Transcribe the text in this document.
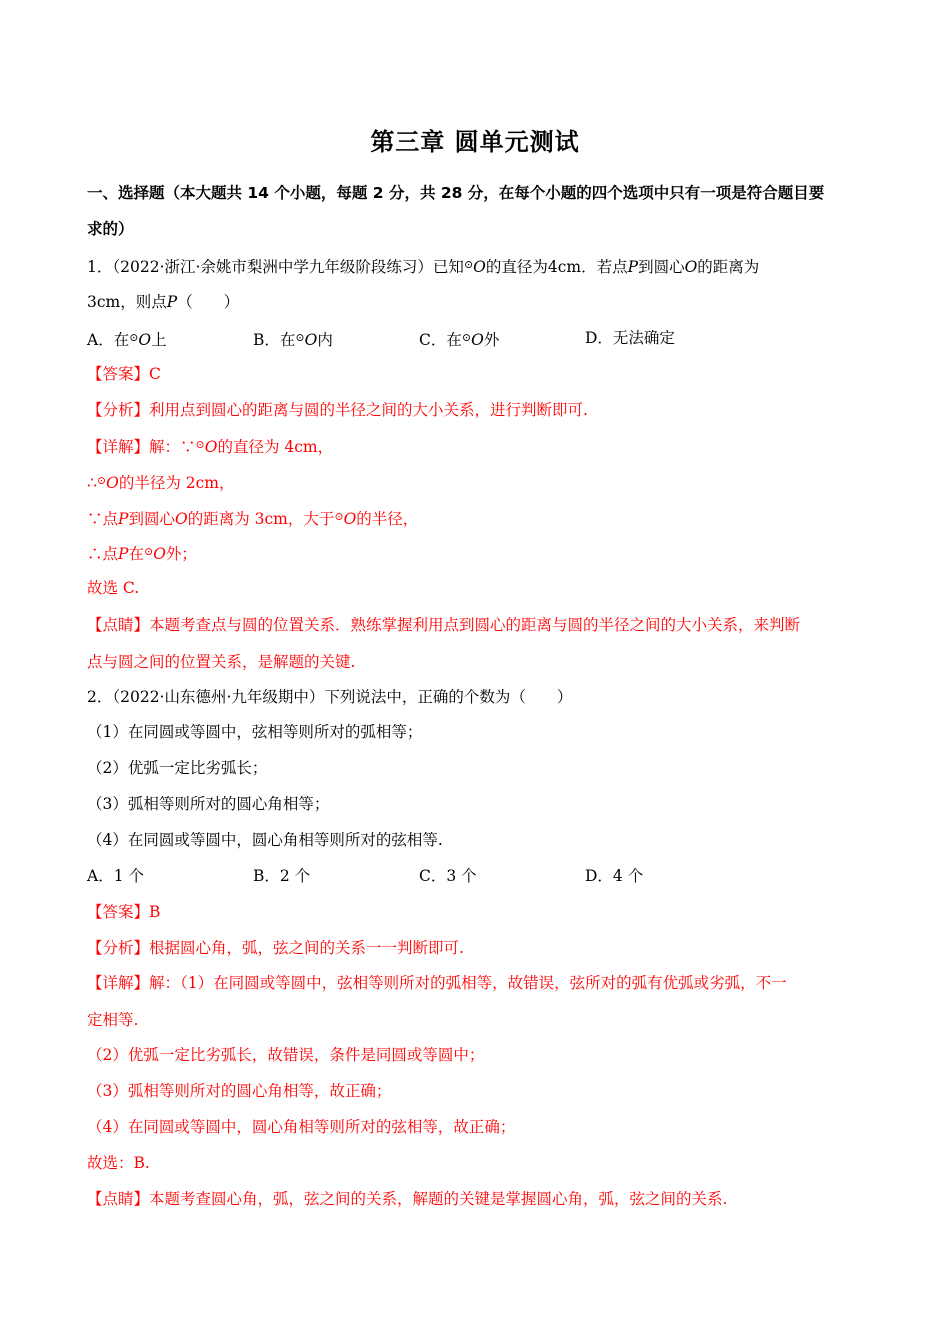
第三章 圆单元测试
一、选择题（本大题共 14 个小题，每题 2 分，共 28 分，在每个小题的四个选项中只有一项是符合题目要
求的）
1．（2022·浙江·余姚市梨洲中学九年级阶段练习）已知⊙O的直径为4cm．若点P到圆心O的距离为
3cm，则点P（　　）
A．在⊙O上	B．在⊙O内	C．在⊙O外	D．无法确定
【答案】C
【分析】利用点到圆心的距离与圆的半径之间的大小关系，进行判断即可.
【详解】解：∵⊙O的直径为 4cm，
∴⊙O的半径为 2cm，
∵点P到圆心O的距离为 3cm，大于⊙O的半径，
∴点P在⊙O外；
故选 C.
【点睛】本题考查点与圆的位置关系．熟练掌握利用点到圆心的距离与圆的半径之间的大小关系，来判断
点与圆之间的位置关系，是解题的关键.
2．（2022·山东德州·九年级期中）下列说法中，正确的个数为（　　）
（1）在同圆或等圆中，弦相等则所对的弧相等；
（2）优弧一定比劣弧长；
（3）弧相等则所对的圆心角相等；
（4）在同圆或等圆中，圆心角相等则所对的弦相等.
A．1 个	B．2 个	C．3 个	D．4 个
【答案】B
【分析】根据圆心角，弧，弦之间的关系一一判断即可.
【详解】解：（1）在同圆或等圆中，弦相等则所对的弧相等，故错误，弦所对的弧有优弧或劣弧，不一
定相等.
（2）优弧一定比劣弧长，故错误，条件是同圆或等圆中；
（3）弧相等则所对的圆心角相等，故正确；
（4）在同圆或等圆中，圆心角相等则所对的弦相等，故正确；
故选：B.
【点睛】本题考查圆心角，弧，弦之间的关系，解题的关键是掌握圆心角，弧，弦之间的关系.
